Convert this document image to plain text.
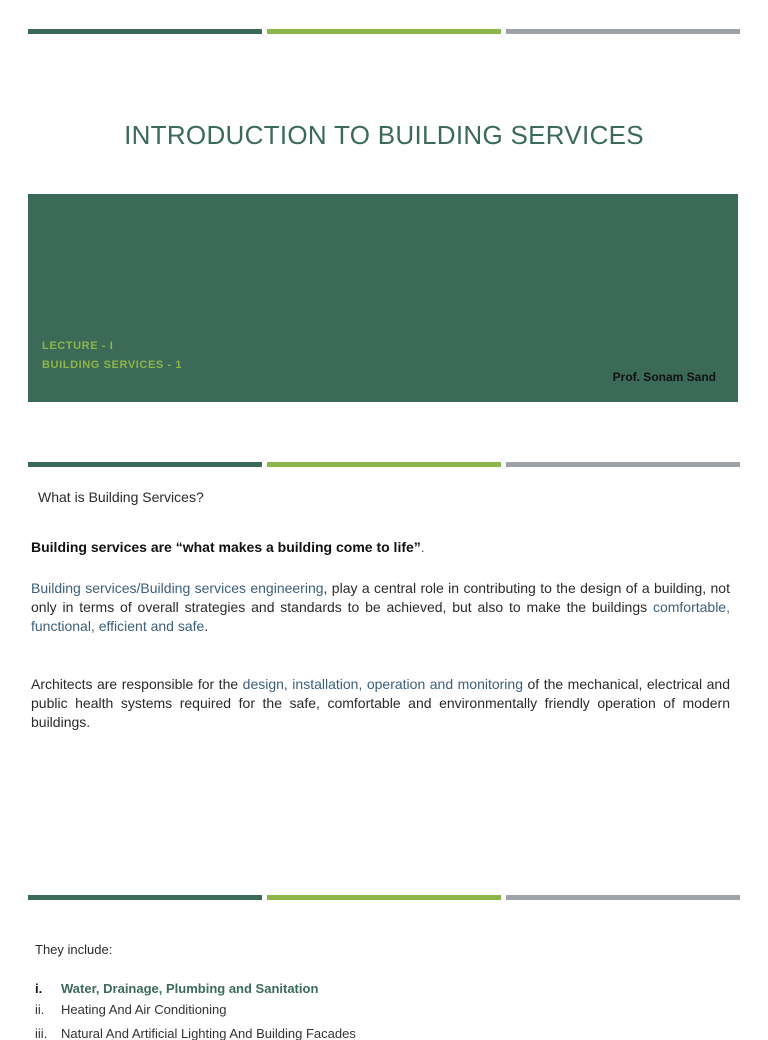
INTRODUCTION TO BUILDING SERVICES
LECTURE - I
BUILDING SERVICES - 1
Prof. Sonam Sand
What is Building Services?
Building services are “what makes a building come to life”.
Building services/Building services engineering, play a central role in contributing to the design of a building, not only in terms of overall strategies and standards to be achieved, but also to make the buildings comfortable, functional, efficient and safe.
Architects are responsible for the design, installation, operation and monitoring of the mechanical, electrical and public health systems required for the safe, comfortable and environmentally friendly operation of modern buildings.
They include:
i.	Water, Drainage, Plumbing and Sanitation
ii.	Heating And Air Conditioning
iii.	Natural And Artificial Lighting And Building Facades
